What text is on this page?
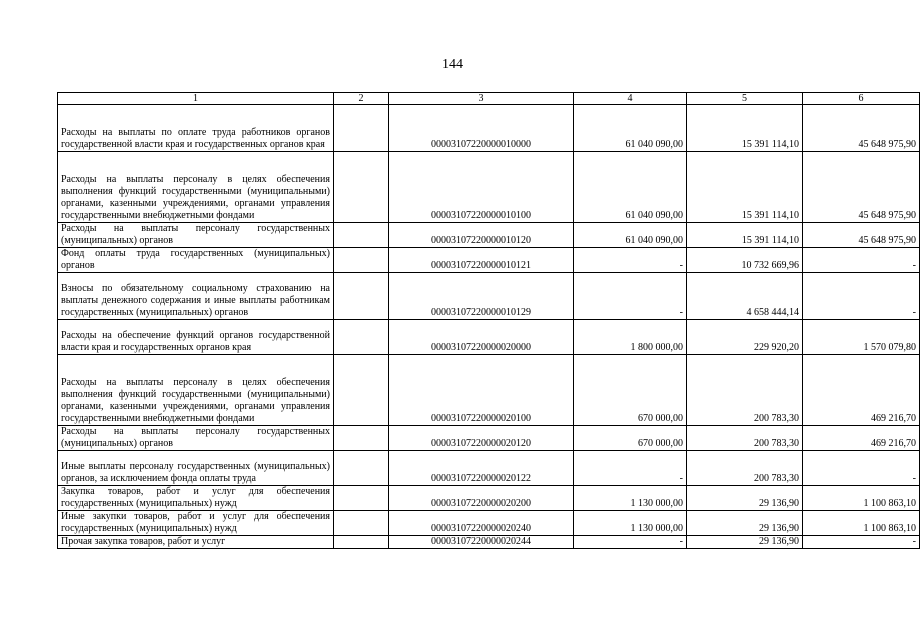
144
1	2	3	4	5	6
Расходы на выплаты по оплате труда работников органов государственной власти края и государственных органов края		00003107220000010000	61 040 090,00	15 391 114,10	45 648 975,90
Расходы на выплаты персоналу в целях обеспечения выполнения функций государственными (муниципальными) органами, казенными учреждениями, органами управления государственными внебюджетными фондами		00003107220000010100	61 040 090,00	15 391 114,10	45 648 975,90
Расходы на выплаты персоналу государственных (муниципальных) органов		00003107220000010120	61 040 090,00	15 391 114,10	45 648 975,90
Фонд оплаты труда государственных (муниципальных) органов		00003107220000010121	-	10 732 669,96	-
Взносы по обязательному социальному страхованию на выплаты денежного содержания и иные выплаты работникам государственных (муниципальных) органов		00003107220000010129	-	4 658 444,14	-
Расходы на обеспечение функций органов государственной власти края и государственных органов края		00003107220000020000	1 800 000,00	229 920,20	1 570 079,80
Расходы на выплаты персоналу в целях обеспечения выполнения функций государственными (муниципальными) органами, казенными учреждениями, органами управления государственными внебюджетными фондами		00003107220000020100	670 000,00	200 783,30	469 216,70
Расходы на выплаты персоналу государственных (муниципальных) органов		00003107220000020120	670 000,00	200 783,30	469 216,70
Иные выплаты персоналу государственных (муниципальных) органов, за исключением фонда оплаты труда		00003107220000020122	-	200 783,30	-
Закупка товаров, работ и услуг для обеспечения государственных (муниципальных) нужд		00003107220000020200	1 130 000,00	29 136,90	1 100 863,10
Иные закупки товаров, работ и услуг для обеспечения государственных (муниципальных) нужд		00003107220000020240	1 130 000,00	29 136,90	1 100 863,10
Прочая закупка товаров, работ и услуг		00003107220000020244	-	29 136,90	-
